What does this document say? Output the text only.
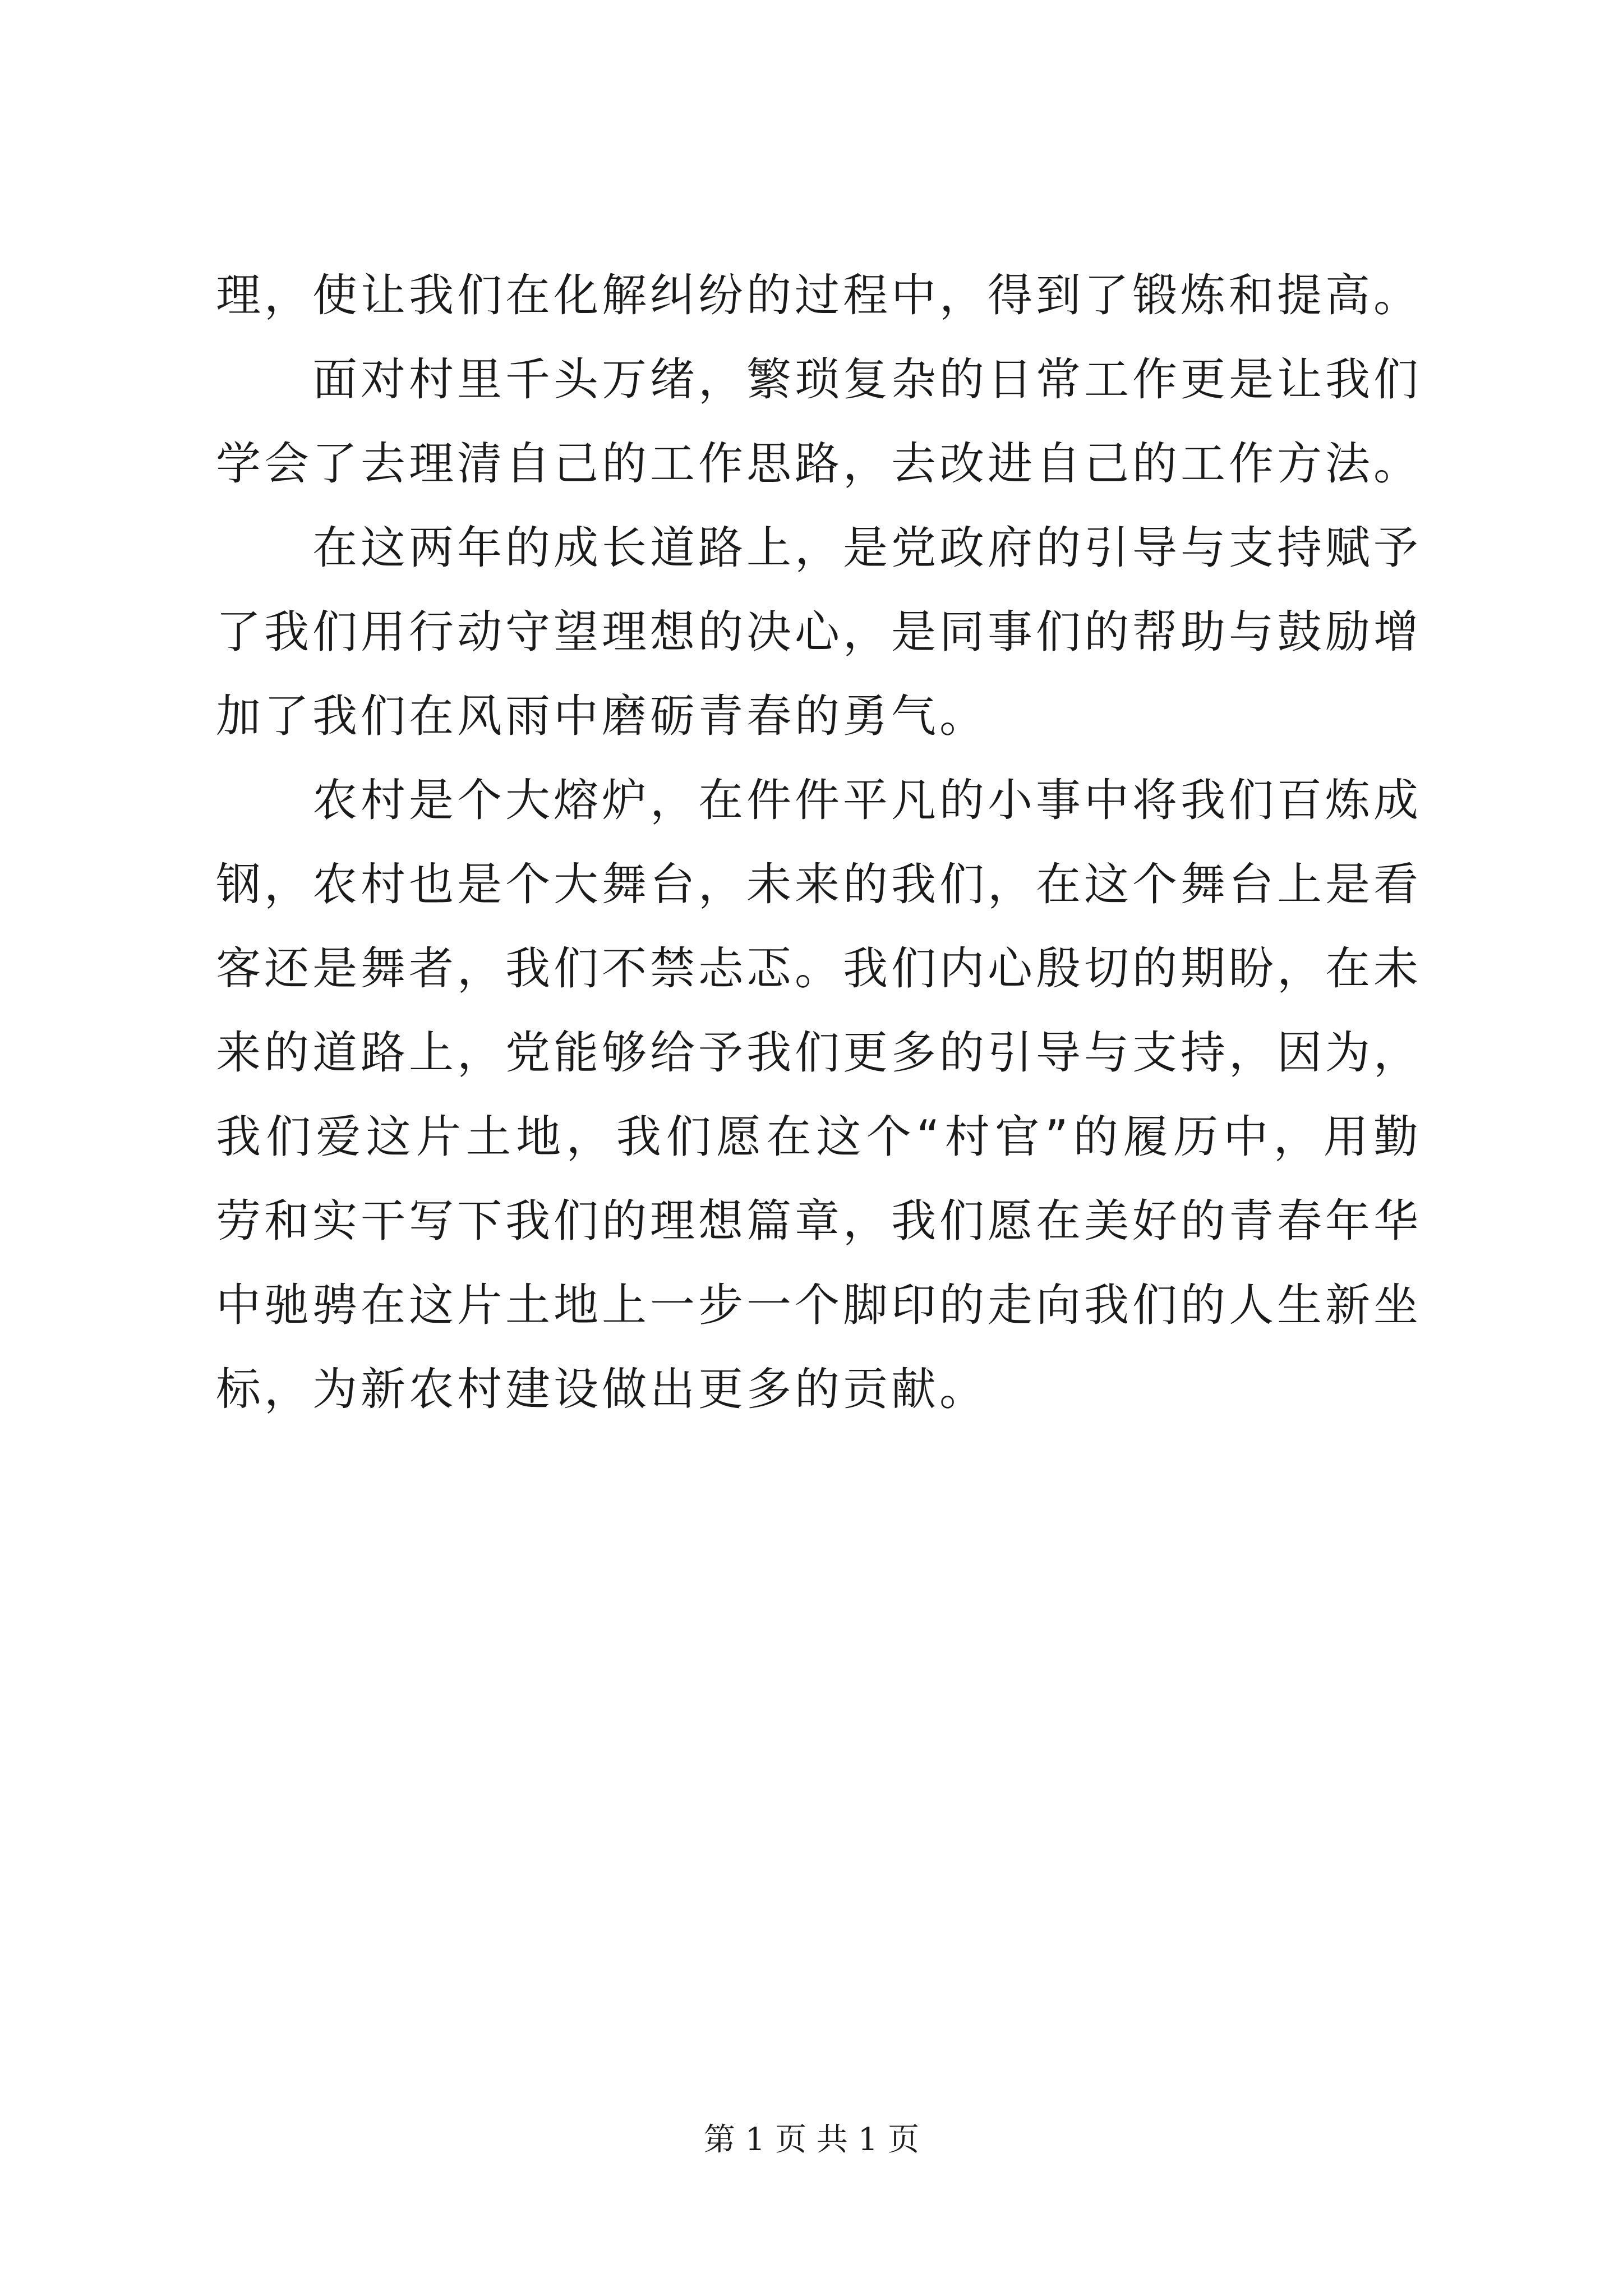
理，使让我们在化解纠纷的过程中，得到了锻炼和提高。

面对村里千头万绪，繁琐复杂的日常工作更是让我们学会了去理清自己的工作思路，去改进自己的工作方法。

在这两年的成长道路上，是党政府的引导与支持赋予了我们用行动守望理想的决心，是同事们的帮助与鼓励增加了我们在风雨中磨砺青春的勇气。

农村是个大熔炉，在件件平凡的小事中将我们百炼成钢，农村也是个大舞台，未来的我们，在这个舞台上是看客还是舞者，我们不禁忐忑。我们内心殷切的期盼，在未来的道路上，党能够给予我们更多的引导与支持，因为，我们爱这片土地，我们愿在这个“村官”的履历中，用勤劳和实干写下我们的理想篇章，我们愿在美好的青春年华中驰骋在这片土地上一步一个脚印的走向我们的人生新坐标，为新农村建设做出更多的贡献。

第 1 页 共 1 页
